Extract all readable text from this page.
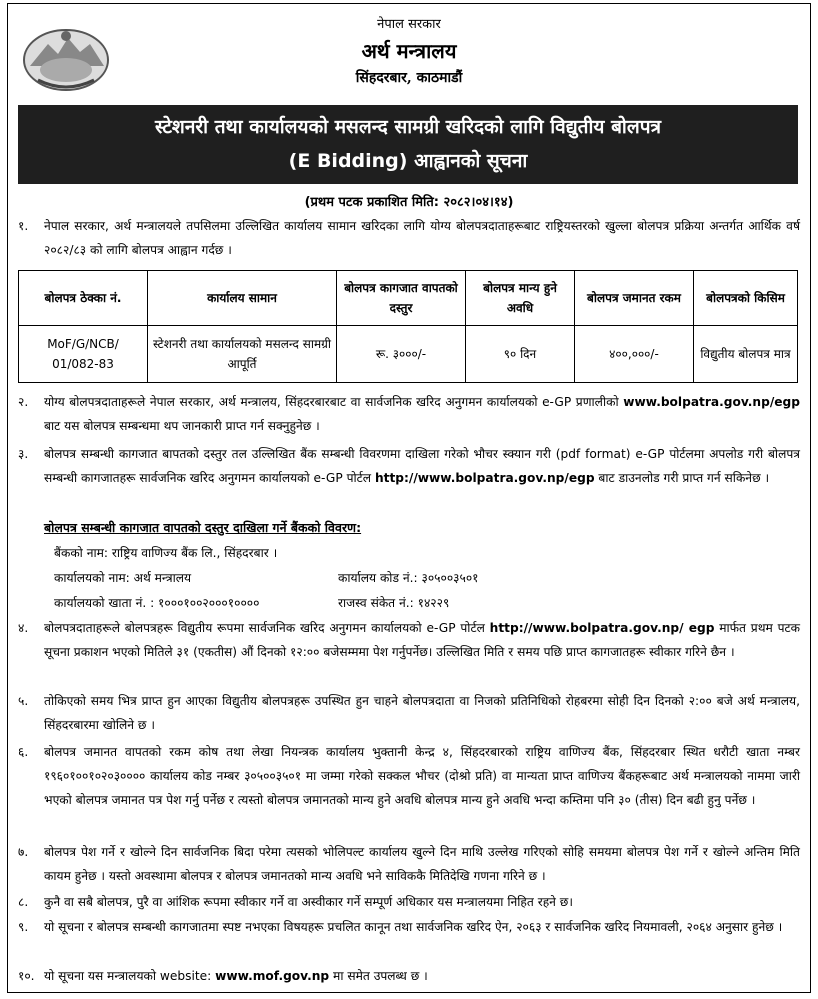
नेपाल सरकार
अर्थ मन्त्रालय
सिंहदरबार, काठमाडौं
स्टेशनरी तथा कार्यालयको मसलन्द सामग्री खरिदको लागि विद्युतीय बोलपत्र
(E Bidding) आह्वानको सूचना
(प्रथम पटक प्रकाशित मिति: २०८२।०४।१४)
१. नेपाल सरकार, अर्थ मन्त्रालयले तपसिलमा उल्लिखित कार्यालय सामान खरिदका लागि योग्य बोलपत्रदाताहरूबाट राष्ट्रियस्तरको खुल्ला बोलपत्र प्रक्रिया अन्तर्गत आर्थिक वर्ष २०८२/८३ को लागि बोलपत्र आह्वान गर्दछ ।
बोलपत्र ठेक्का नं.	कार्यालय सामान	बोलपत्र कागजात वापतको दस्तुर	बोलपत्र मान्य हुने अवधि	बोलपत्र जमानत रकम	बोलपत्रको किसिम
MoF/G/NCB/ 01/082-83	स्टेशनरी तथा कार्यालयको मसलन्द सामग्री आपूर्ति	रू. ३०००/-	९० दिन	४००,०००/-	विद्युतीय बोलपत्र मात्र
२. योग्य बोलपत्रदाताहरूले नेपाल सरकार, अर्थ मन्त्रालय, सिंहदरबारबाट वा सार्वजनिक खरिद अनुगमन कार्यालयको e-GP प्रणालीको www.bolpatra.gov.np/egp बाट यस बोलपत्र सम्बन्धमा थप जानकारी प्राप्त गर्न सक्नुहुनेछ ।
३. बोलपत्र सम्बन्धी कागजात बापतको दस्तुर तल उल्लिखित बैंक सम्बन्धी विवरणमा दाखिला गरेको भौचर स्क्यान गरी (pdf format) e-GP पोर्टलमा अपलोड गरी बोलपत्र सम्बन्धी कागजातहरू सार्वजनिक खरिद अनुगमन कार्यालयको e-GP पोर्टल http://www.bolpatra.gov.np/egp बाट डाउनलोड गरी प्राप्त गर्न सकिनेछ ।
बोलपत्र सम्बन्धी कागजात वापतको दस्तुर दाखिला गर्ने बैंकको विवरण:
बैंकको नाम: राष्ट्रिय वाणिज्य बैंक लि., सिंहदरबार ।
कार्यालयको नाम: अर्थ मन्त्रालय	कार्यालय कोड नं.: ३०५००३५०१
कार्यालयको खाता नं. : १०००१००२०००१००००	राजस्व संकेत नं.: १४२२९
४. बोलपत्रदाताहरूले बोलपत्रहरू विद्युतीय रूपमा सार्वजनिक खरिद अनुगमन कार्यालयको e-GP पोर्टल http://www.bolpatra.gov.np/ egp मार्फत प्रथम पटक सूचना प्रकाशन भएको मितिले ३१ (एकतीस) औं दिनको १२:०० बजेसम्ममा पेश गर्नुपर्नेछ। उल्लिखित मिति र समय पछि प्राप्त कागजातहरू स्वीकार गरिने छैन ।
५. तोकिएको समय भित्र प्राप्त हुन आएका विद्युतीय बोलपत्रहरू उपस्थित हुन चाहने बोलपत्रदाता वा निजको प्रतिनिधिको रोहबरमा सोही दिन दिनको २:०० बजे अर्थ मन्त्रालय, सिंहदरबारमा खोलिने छ ।
६. बोलपत्र जमानत वापतको रकम कोष तथा लेखा नियन्त्रक कार्यालय भुक्तानी केन्द्र ४, सिंहदरबारको राष्ट्रिय वाणिज्य बैंक, सिंहदरबार स्थित धरौटी खाता नम्बर १९६०१००१०२०३०००० कार्यालय कोड नम्बर ३०५००३५०१ मा जम्मा गरेको सक्कल भौचर (दोश्रो प्रति) वा मान्यता प्राप्त वाणिज्य बैंकहरूबाट अर्थ मन्त्रालयको नाममा जारी भएको बोलपत्र जमानत पत्र पेश गर्नु पर्नेछ र त्यस्तो बोलपत्र जमानतको मान्य हुने अवधि बोलपत्र मान्य हुने अवधि भन्दा कम्तिमा पनि ३० (तीस) दिन बढी हुनु पर्नेछ ।
७. बोलपत्र पेश गर्ने र खोल्ने दिन सार्वजनिक बिदा परेमा त्यसको भोलिपल्ट कार्यालय खुल्ने दिन माथि उल्लेख गरिएको सोहि समयमा बोलपत्र पेश गर्ने र खोल्ने अन्तिम मिति कायम हुनेछ । यस्तो अवस्थामा बोलपत्र र बोलपत्र जमानतको मान्य अवधि भने साविककै मितिदेखि गणना गरिने छ ।
८. कुनै वा सबै बोलपत्र, पुरै वा आंशिक रूपमा स्वीकार गर्ने वा अस्वीकार गर्ने सम्पूर्ण अधिकार यस मन्त्रालयमा निहित रहने छ।
९. यो सूचना र बोलपत्र सम्बन्धी कागजातमा स्पष्ट नभएका विषयहरू प्रचलित कानून तथा सार्वजनिक खरिद ऐन, २०६३ र सार्वजनिक खरिद नियमावली, २०६४ अनुसार हुनेछ ।
१०. यो सूचना यस मन्त्रालयको website: www.mof.gov.np मा समेत उपलब्ध छ ।
